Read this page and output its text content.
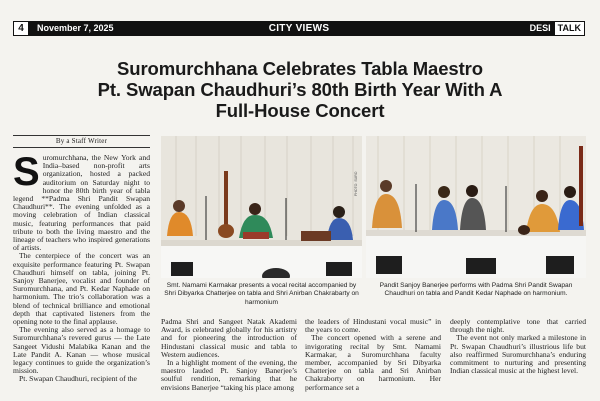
4	November 7, 2025	CITY VIEWS	DESI TALK
Suromurchhana Celebrates Tabla Maestro
Pt. Swapan Chaudhuri’s 80th Birth Year With A
Full-House Concert
By a Staff Writer
S uromurchhana, the New York and India–based non-profit arts organization, hosted a packed auditorium on Saturday night to honor the 80th birth year of tabla legend **Padma Shri Pandit Swapan Chaudhuri**. The evening unfolded as a moving celebration of Indian classical music, featuring performances that paid tribute to both the living maestro and the lineage of teachers who inspired generations of artists.

The centerpiece of the concert was an exquisite performance featuring Pt. Swapan Chaudhuri himself on tabla, joining Pt. Sanjoy Banerjee, vocalist and founder of Suromurchhana, and Pt. Kedar Naphade on harmonium. The trio’s collaboration was a blend of technical brilliance and emotional depth that captivated listeners from the opening note to the final applause.

The evening also served as a homage to Suromurchhana’s revered gurus — the Late Sangeet Vidushi Malabika Kanan and the Late Pandit A. Kanan — whose musical legacy continues to guide the organization’s mission.

Pt. Swapan Chaudhuri, recipient of the

PHOTO: SURO
Smt. Namami Karmakar presents a vocal recital accompanied by Shri Dibyarka Chatterjee on tabla and Shri Anirban Chakrabarty on harmonium
Pandit Sanjoy Banerjee performs with Padma Shri Pandit Swapan Chaudhuri on tabla and Pandit Kedar Naphade on harmonium.

Padma Shri and Sangeet Natak Akademi Award, is celebrated globally for his artistry and for pioneering the introduction of Hindustani classical music and tabla to Western audiences.

In a highlight moment of the evening, the maestro lauded Pt. Sanjoy Banerjee’s soulful rendition, remarking that he envisions Banerjee “taking his place among

the leaders of Hindustani vocal music” in the years to come.

The concert opened with a serene and invigorating recital by Smt. Namami Karmakar, a Suromurchhana faculty member, accompanied by Sri Dibyarka Chatterjee on tabla and Sri Anirban Chakraborty on harmonium. Her performance set a

deeply contemplative tone that carried through the night.

The event not only marked a milestone in Pt. Swapan Chaudhuri’s illustrious life but also reaffirmed Suromurchhana’s enduring commitment to nurturing and presenting Indian classical music at the highest level.
